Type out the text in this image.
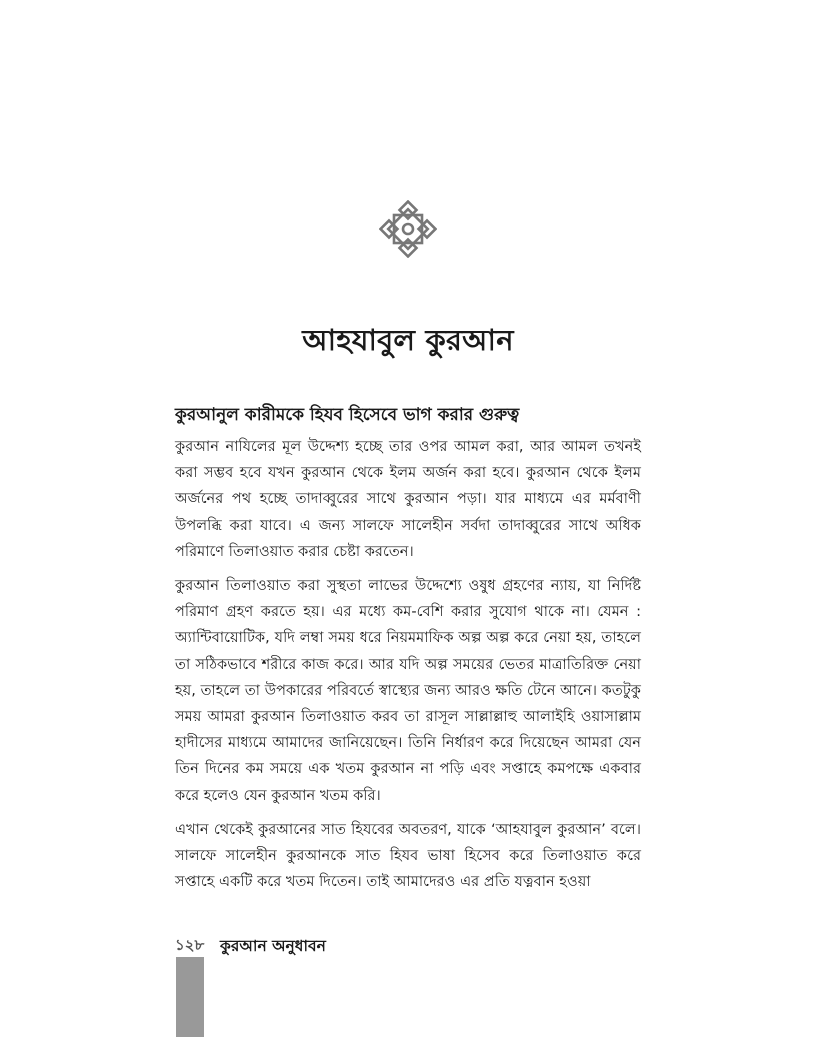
আহযাবুল কুরআন
কুরআনুল কারীমকে হিযব হিসেবে ভাগ করার গুরুত্ব

কুরআন নাযিলের মূল উদ্দেশ্য হচ্ছে তার ওপর আমল করা, আর আমল তখনই করা সম্ভব হবে যখন কুরআন থেকে ইলম অর্জন করা হবে। কুরআন থেকে ইলম অর্জনের পথ হচ্ছে তাদাব্বুরের সাথে কুরআন পড়া। যার মাধ্যমে এর মর্মবাণী উপলব্ধি করা যাবে। এ জন্য সালফে সালেহীন সর্বদা তাদাব্বুরের সাথে অধিক পরিমাণে তিলাওয়াত করার চেষ্টা করতেন।

কুরআন তিলাওয়াত করা সুস্থতা লাভের উদ্দেশ্যে ওষুধ গ্রহণের ন্যায়, যা নির্দিষ্ট পরিমাণ গ্রহণ করতে হয়। এর মধ্যে কম-বেশি করার সুযোগ থাকে না। যেমন : অ্যান্টিবায়োটিক, যদি লম্বা সময় ধরে নিয়মমাফিক অল্প অল্প করে নেয়া হয়, তাহলে তা সঠিকভাবে শরীরে কাজ করে। আর যদি অল্প সময়ের ভেতর মাত্রাতিরিক্ত নেয়া হয়, তাহলে তা উপকারের পরিবর্তে স্বাস্থ্যের জন্য আরও ক্ষতি টেনে আনে। কতটুকু সময় আমরা কুরআন তিলাওয়াত করব তা রাসূল সাল্লাল্লাহু আলাইহি ওয়াসাল্লাম হাদীসের মাধ্যমে আমাদের জানিয়েছেন। তিনি নির্ধারণ করে দিয়েছেন আমরা যেন তিন দিনের কম সময়ে এক খতম কুরআন না পড়ি এবং সপ্তাহে কমপক্ষে একবার করে হলেও যেন কুরআন খতম করি।

এখান থেকেই কুরআনের সাত হিযবের অবতরণ, যাকে ‘আহযাবুল কুরআন’ বলে। সালফে সালেহীন কুরআনকে সাত হিযব ভাষা হিসেব করে তিলাওয়াত করে সপ্তাহে একটি করে খতম দিতেন। তাই আমাদেরও এর প্রতি যত্নবান হওয়া

১২৮ কুরআন অনুধাবন
